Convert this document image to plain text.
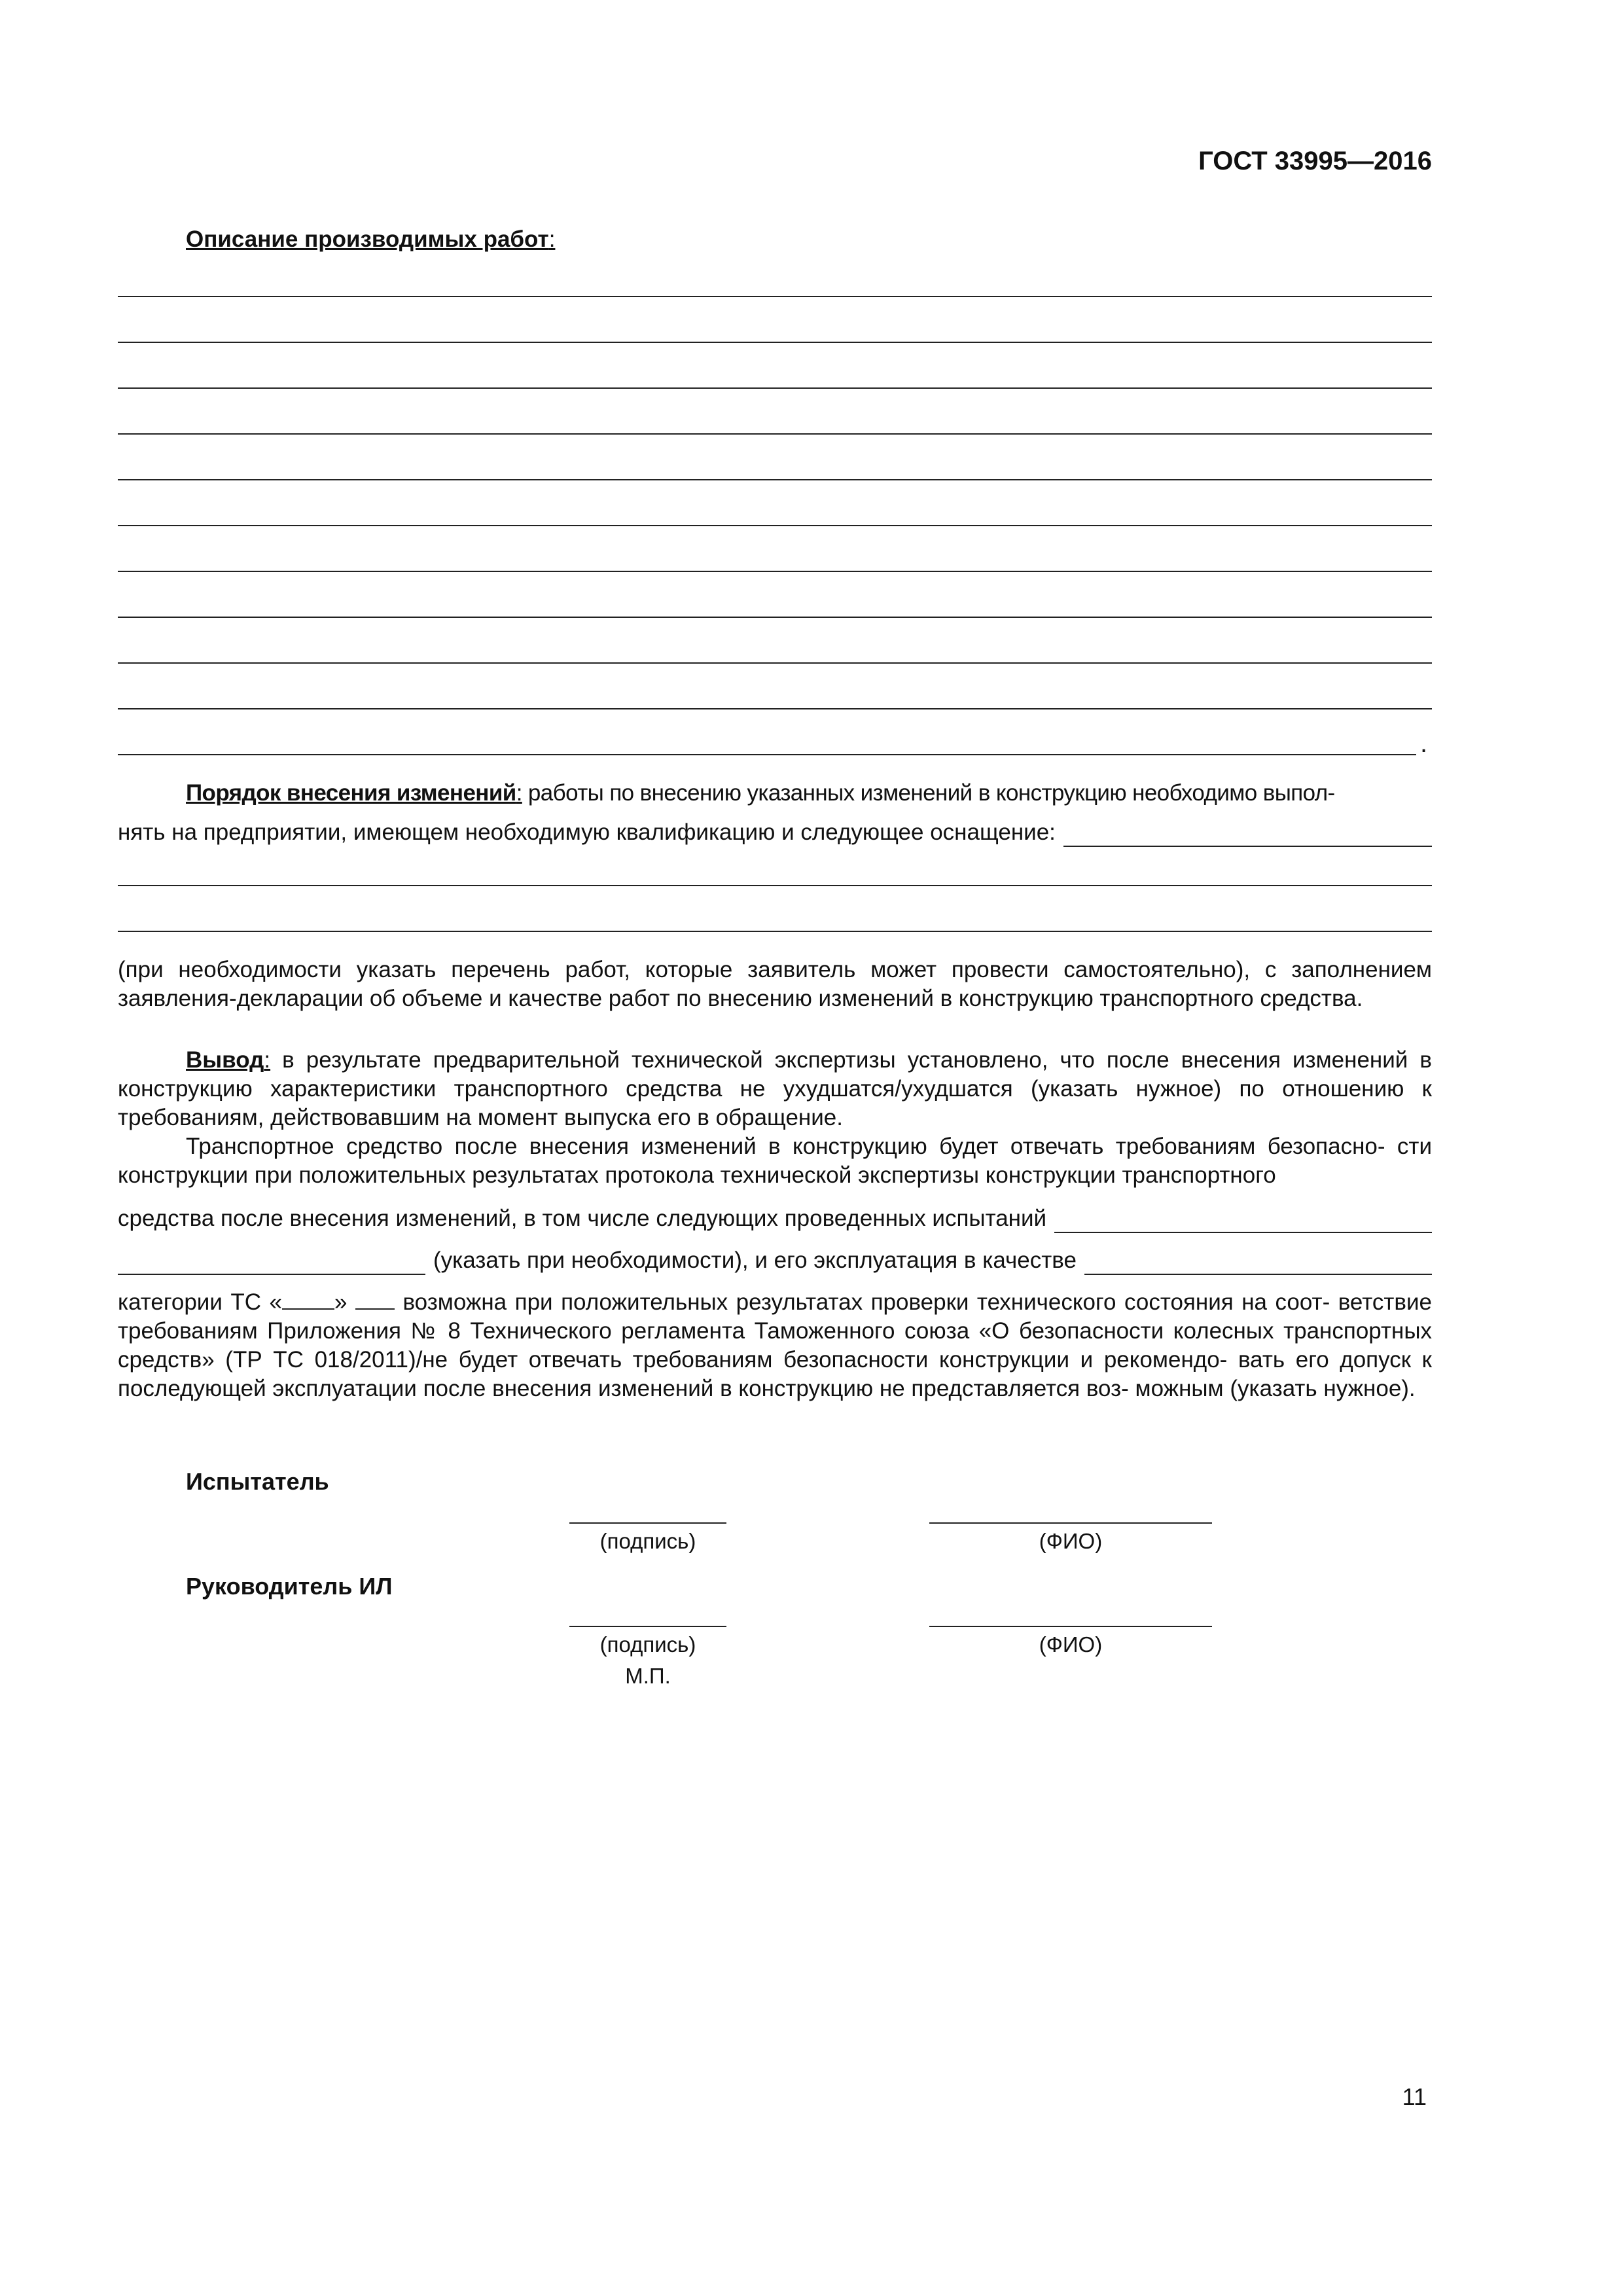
ГОСТ 33995—2016
Описание производимых работ:
.

Порядок внесения изменений: работы по внесению указанных изменений в конструкцию необходимо выпол-

нять на предприятии, имеющем необходимую квалификацию и следующее оснащение:

(при необходимости указать перечень работ, которые заявитель может провести самостоятельно), с заполнением заявления-декларации об объеме и качестве работ по внесению изменений в конструкцию транспортного средства.

Вывод: в результате предварительной технической экспертизы установлено, что после внесения изменений в конструкцию характеристики транспортного средства не ухудшатся/ухудшатся (указать нужное) по отношению к требованиям, действовавшим на момент выпуска его в обращение.

Транспортное средство после внесения изменений в конструкцию будет отвечать требованиям безопасно- сти конструкции при положительных результатах протокола технической экспертизы конструкции транспортного

средства после внесения изменений, в том числе следующих проведенных испытаний
(указать при необходимости), и его эксплуатация в качестве

категории ТС « » возможна при положительных результатах проверки технического состояния на соот- ветствие требованиям Приложения № 8 Технического регламента Таможенного союза «О безопасности колесных транспортных средств» (ТР ТС 018/2011)/не будет отвечать требованиям безопасности конструкции и рекомендо- вать его допуск к последующей эксплуатации после внесения изменений в конструкцию не представляется воз- можным (указать нужное).

Испытатель
(подпись)	(ФИО)
Руководитель ИЛ
(подпись)	(ФИО)
М.П.
11
